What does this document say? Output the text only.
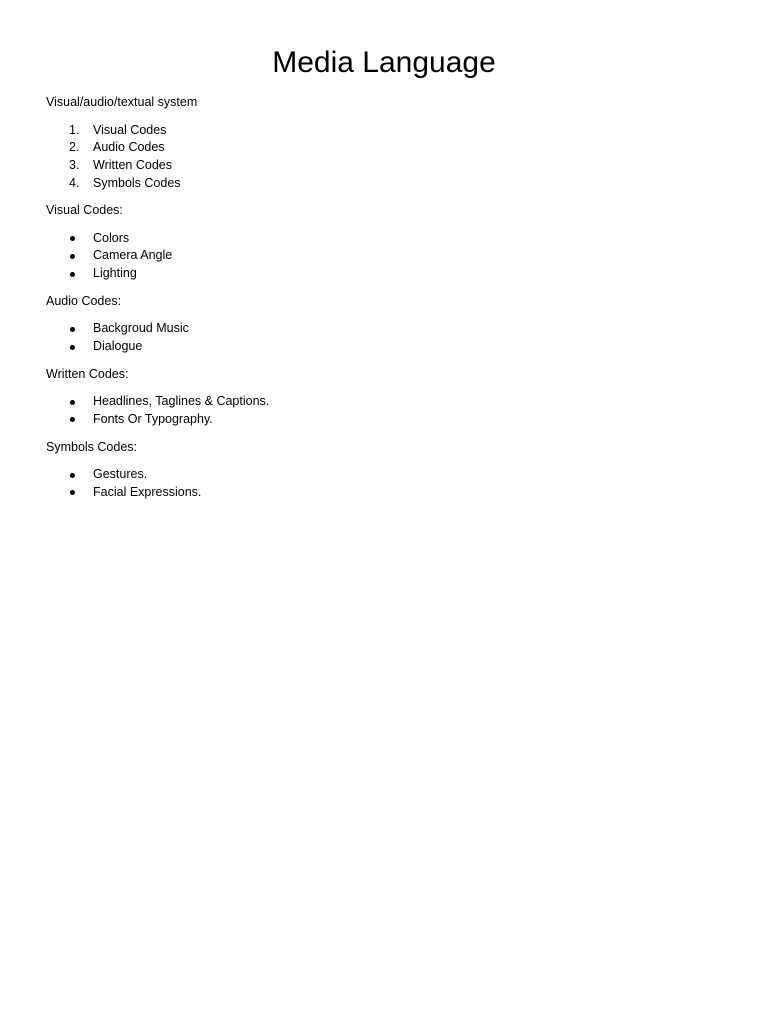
Media Language

Visual/audio/textual system

1.	Visual Codes
2.	Audio Codes
3.	Written Codes
4.	Symbols Codes

Visual Codes:

Colors
Camera Angle
Lighting

Audio Codes:

Backgroud Music
Dialogue

Written Codes:

Headlines, Taglines & Captions.
Fonts Or Typography.

Symbols Codes:

Gestures.
Facial Expressions.
